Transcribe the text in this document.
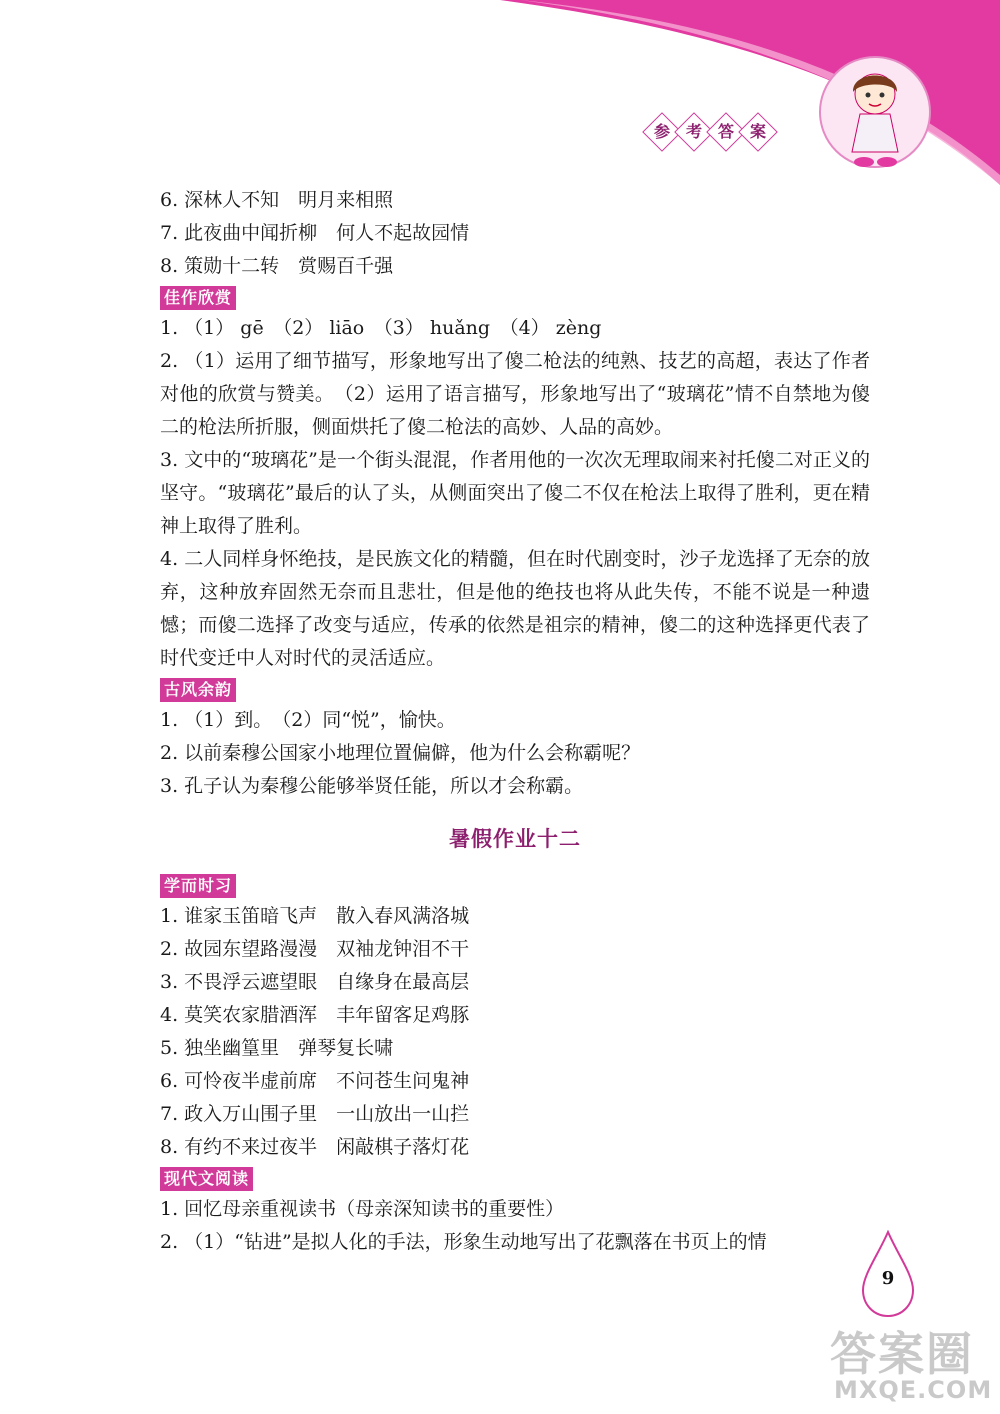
参 考 答 案
6. 深林人不知　明月来相照
7. 此夜曲中闻折柳　何人不起故园情
8. 策勋十二转　赏赐百千强
佳作欣赏
1. （1） gē　（2） liāo　（3） huǎng　（4） zèng
2. （1）运用了细节描写，形象地写出了傻二枪法的纯熟、技艺的高超，表达了作者对他的欣赏与赞美。　（2）运用了语言描写，形象地写出了“玻璃花”情不自禁地为傻二的枪法所折服，侧面烘托了傻二枪法的高妙、人品的高妙。
3. 文中的“玻璃花”是一个街头混混，作者用他的一次次无理取闹来衬托傻二对正义的坚守。“玻璃花”最后的认了头，从侧面突出了傻二不仅在枪法上取得了胜利，更在精神上取得了胜利。
4. 二人同样身怀绝技，是民族文化的精髓，但在时代剧变时，沙子龙选择了无奈的放弃，这种放弃固然无奈而且悲壮，但是他的绝技也将从此失传，不能不说是一种遗憾；而傻二选择了改变与适应，传承的依然是祖宗的精神，傻二的这种选择更代表了时代变迁中人对时代的灵活适应。
古风余韵
1. （1）到。　（2）同“悦”，愉快。
2. 以前秦穆公国家小地理位置偏僻，他为什么会称霸呢？
3. 孔子认为秦穆公能够举贤任能，所以才会称霸。
暑假作业十二
学而时习
1. 谁家玉笛暗飞声　散入春风满洛城
2. 故园东望路漫漫　双袖龙钟泪不干
3. 不畏浮云遮望眼　自缘身在最高层
4. 莫笑农家腊酒浑　丰年留客足鸡豚
5. 独坐幽篁里　弹琴复长啸
6. 可怜夜半虚前席　不问苍生问鬼神
7. 政入万山围子里　一山放出一山拦
8. 有约不来过夜半　闲敲棋子落灯花
现代文阅读
1. 回忆母亲重视读书（母亲深知读书的重要性）
2. （1）“钻进”是拟人化的手法，形象生动地写出了花飘落在书页上的情
9
答案圈
MXQE.COM
